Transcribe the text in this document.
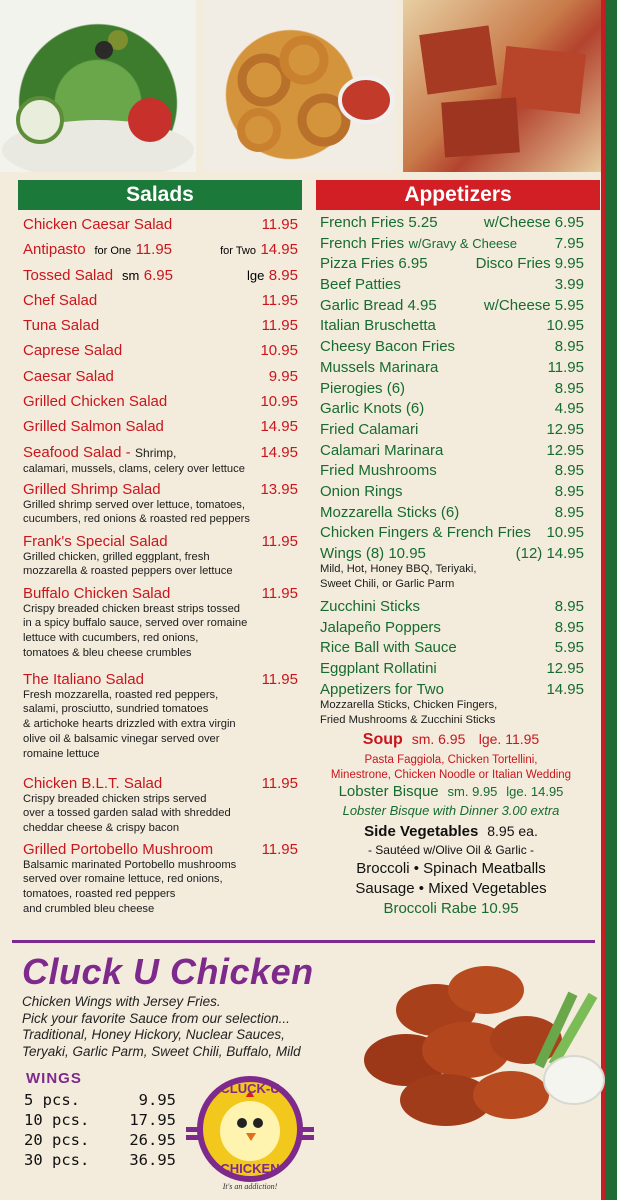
Salads
Chicken Caesar Salad	11.95
Antipasto for One 11.95	for Two 14.95
Tossed Salad sm 6.95	lge 8.95
Chef Salad	11.95
Tuna Salad	11.95
Caprese Salad	10.95
Caesar Salad	9.95
Grilled Chicken Salad	10.95
Grilled Salmon Salad	14.95
Seafood Salad - Shrimp,	14.95
calamari, mussels, clams, celery over lettuce
Grilled Shrimp Salad	13.95
Grilled shrimp served over lettuce, tomatoes,
cucumbers, red onions & roasted red peppers
Frank's Special Salad	11.95
Grilled chicken, grilled eggplant, fresh
mozzarella & roasted peppers over lettuce
Buffalo Chicken Salad	11.95
Crispy breaded chicken breast strips tossed
in a spicy buffalo sauce, served over romaine
lettuce with cucumbers, red onions,
tomatoes & bleu cheese crumbles
The Italiano Salad	11.95
Fresh mozzarella, roasted red peppers,
salami, prosciutto, sundried tomatoes
& artichoke hearts drizzled with extra virgin
olive oil & balsamic vinegar served over
romaine lettuce
Chicken B.L.T. Salad	11.95
Crispy breaded chicken strips served
over a tossed garden salad with shredded
cheddar cheese & crispy bacon
Grilled Portobello Mushroom	11.95
Balsamic marinated Portobello mushrooms
served over romaine lettuce, red onions,
tomatoes, roasted red peppers
and crumbled bleu cheese
Appetizers
French Fries 5.25	w/Cheese 6.95
French Fries w/Gravy & Cheese	7.95
Pizza Fries 6.95	Disco Fries 9.95
Beef Patties	3.99
Garlic Bread 4.95	w/Cheese 5.95
Italian Bruschetta	10.95
Cheesy Bacon Fries	8.95
Mussels Marinara	11.95
Pierogies (6)	8.95
Garlic Knots (6)	4.95
Fried Calamari	12.95
Calamari Marinara	12.95
Fried Mushrooms	8.95
Onion Rings	8.95
Mozzarella Sticks (6)	8.95
Chicken Fingers & French Fries 10.95
Wings (8) 10.95	(12) 14.95
Mild, Hot, Honey BBQ, Teriyaki,
Sweet Chili, or Garlic Parm
Zucchini Sticks	8.95
Jalapeño Poppers	8.95
Rice Ball with Sauce	5.95
Eggplant Rollatini	12.95
Appetizers for Two	14.95
Mozzarella Sticks, Chicken Fingers,
Fried Mushrooms & Zucchini Sticks
Soup sm. 6.95 lge. 11.95
Pasta Faggiola, Chicken Tortellini,
Minestrone, Chicken Noodle or Italian Wedding
Lobster Bisque sm. 9.95 lge. 14.95
Lobster Bisque with Dinner 3.00 extra
Side Vegetables 8.95 ea.
- Sautéed w/Olive Oil & Garlic -
Broccoli • Spinach Meatballs
Sausage • Mixed Vegetables
Broccoli Rabe 10.95
Cluck U Chicken
Chicken Wings with Jersey Fries.
Pick your favorite Sauce from our selection...
Traditional, Honey Hickory, Nuclear Sauces,
Teryaki, Garlic Parm, Sweet Chili, Buffalo, Mild
WINGS
5 pcs.	9.95
10 pcs.	17.95
20 pcs.	26.95
30 pcs.	36.95
CLUCK-U
CHICKEN
It's an addiction!
